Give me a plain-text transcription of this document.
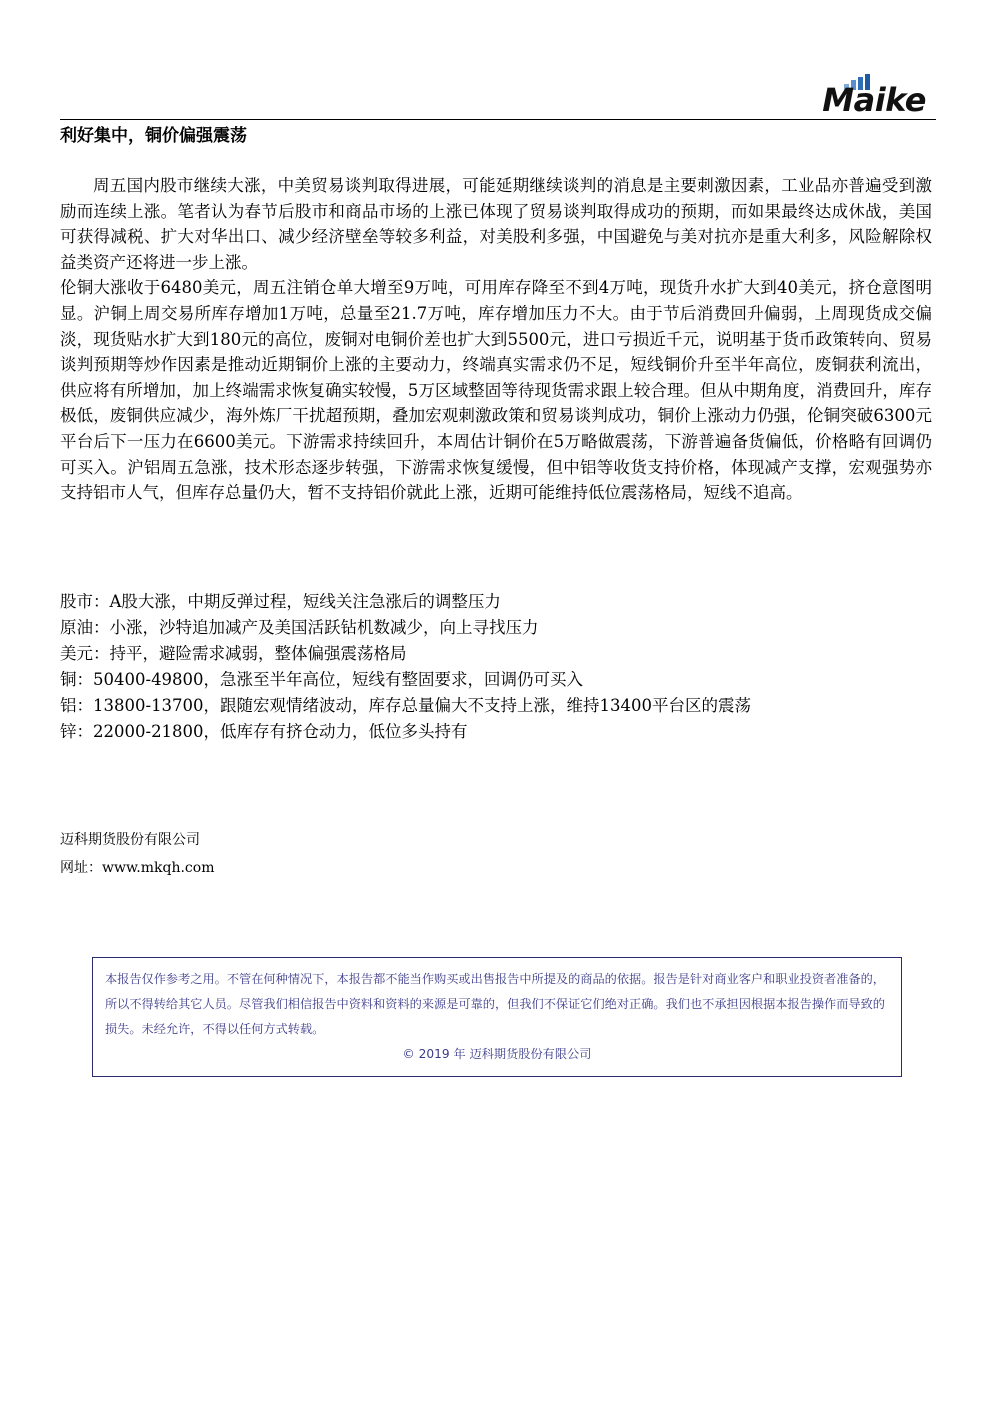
Maike
利好集中，铜价偏强震荡

周五国内股市继续大涨，中美贸易谈判取得进展，可能延期继续谈判的消息是主要刺激因素，工业品亦普遍受到激励而连续上涨。笔者认为春节后股市和商品市场的上涨已体现了贸易谈判取得成功的预期，而如果最终达成休战，美国可获得减税、扩大对华出口、减少经济壁垒等较多利益，对美股利多强，中国避免与美对抗亦是重大利多，风险解除权益类资产还将进一步上涨。

伦铜大涨收于6480美元，周五注销仓单大增至9万吨，可用库存降至不到4万吨，现货升水扩大到40美元，挤仓意图明显。沪铜上周交易所库存增加1万吨，总量至21.7万吨，库存增加压力不大。由于节后消费回升偏弱，上周现货成交偏淡，现货贴水扩大到180元的高位，废铜对电铜价差也扩大到5500元，进口亏损近千元，说明基于货币政策转向、贸易谈判预期等炒作因素是推动近期铜价上涨的主要动力，终端真实需求仍不足，短线铜价升至半年高位，废铜获利流出，供应将有所增加，加上终端需求恢复确实较慢，5万区域整固等待现货需求跟上较合理。但从中期角度，消费回升，库存极低，废铜供应减少，海外炼厂干扰超预期，叠加宏观刺激政策和贸易谈判成功，铜价上涨动力仍强，伦铜突破6300元平台后下一压力在6600美元。下游需求持续回升，本周估计铜价在5万略做震荡，下游普遍备货偏低，价格略有回调仍可买入。沪铝周五急涨，技术形态逐步转强，下游需求恢复缓慢，但中铝等收货支持价格，体现减产支撑，宏观强势亦支持铝市人气，但库存总量仍大，暂不支持铝价就此上涨，近期可能维持低位震荡格局，短线不追高。

股市：A股大涨，中期反弹过程，短线关注急涨后的调整压力
原油：小涨，沙特追加减产及美国活跃钻机数减少，向上寻找压力
美元：持平，避险需求减弱，整体偏强震荡格局
铜：50400-49800，急涨至半年高位，短线有整固要求，回调仍可买入
铝：13800-13700，跟随宏观情绪波动，库存总量偏大不支持上涨，维持13400平台区的震荡
锌：22000-21800，低库存有挤仓动力，低位多头持有
迈科期货股份有限公司
网址：www.mkqh.com

本报告仅作参考之用。不管在何种情况下，本报告都不能当作购买或出售报告中所提及的商品的依据。报告是针对商业客户和职业投资者准备的，所以不得转给其它人员。尽管我们相信报告中资料和资料的来源是可靠的，但我们不保证它们绝对正确。我们也不承担因根据本报告操作而导致的损失。未经允许，不得以任何方式转载。

© 2019 年 迈科期货股份有限公司
